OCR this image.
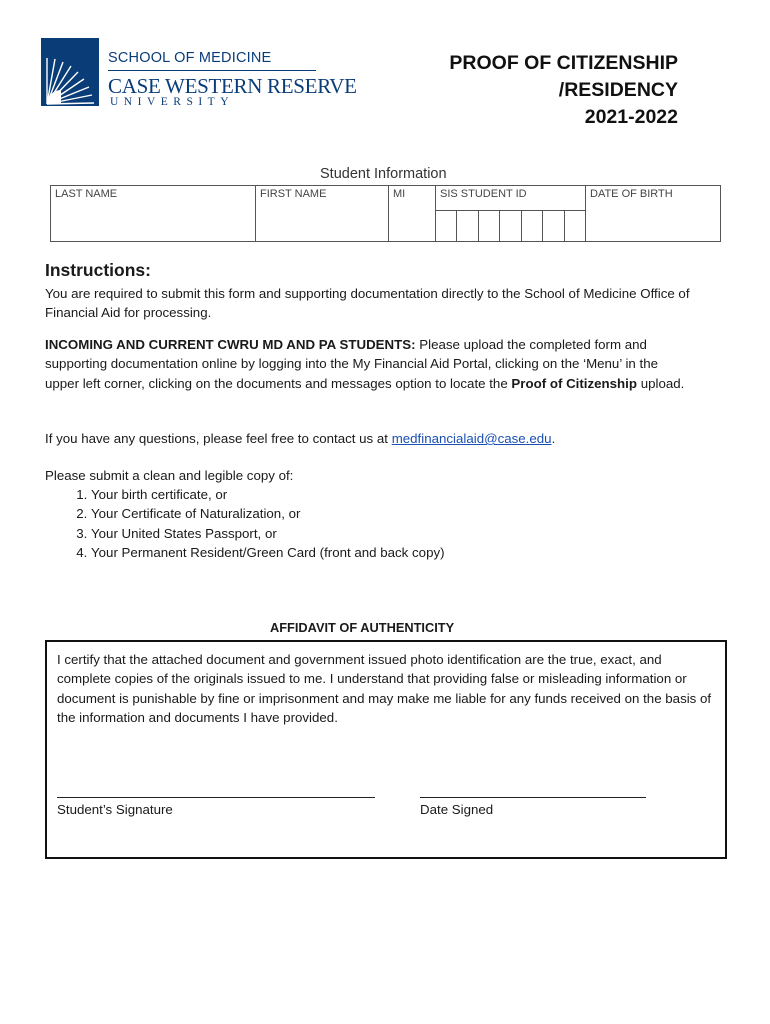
SCHOOL OF MEDICINE
CASE WESTERN RESERVE
UNIVERSITY
PROOF OF CITIZENSHIP
/RESIDENCY
2021-2022
Student Information
LAST NAME	FIRST NAME	MI	SIS STUDENT ID	DATE OF BIRTH
Instructions:
You are required to submit this form and supporting documentation directly to the School of Medicine Office of Financial Aid for processing.
INCOMING AND CURRENT CWRU MD AND PA STUDENTS: Please upload the completed form and supporting documentation online by logging into the My Financial Aid Portal, clicking on the ‘Menu’ in the upper left corner, clicking on the documents and messages option to locate the Proof of Citizenship upload.
If you have any questions, please feel free to contact us at medfinancialaid@case.edu.
Please submit a clean and legible copy of:
1. Your birth certificate, or
2. Your Certificate of Naturalization, or
3. Your United States Passport, or
4. Your Permanent Resident/Green Card (front and back copy)
AFFIDAVIT OF AUTHENTICITY
I certify that the attached document and government issued photo identification are the true, exact, and complete copies of the originals issued to me. I understand that providing false or misleading information or document is punishable by fine or imprisonment and may make me liable for any funds received on the basis of the information and documents I have provided.
Student’s Signature	Date Signed
